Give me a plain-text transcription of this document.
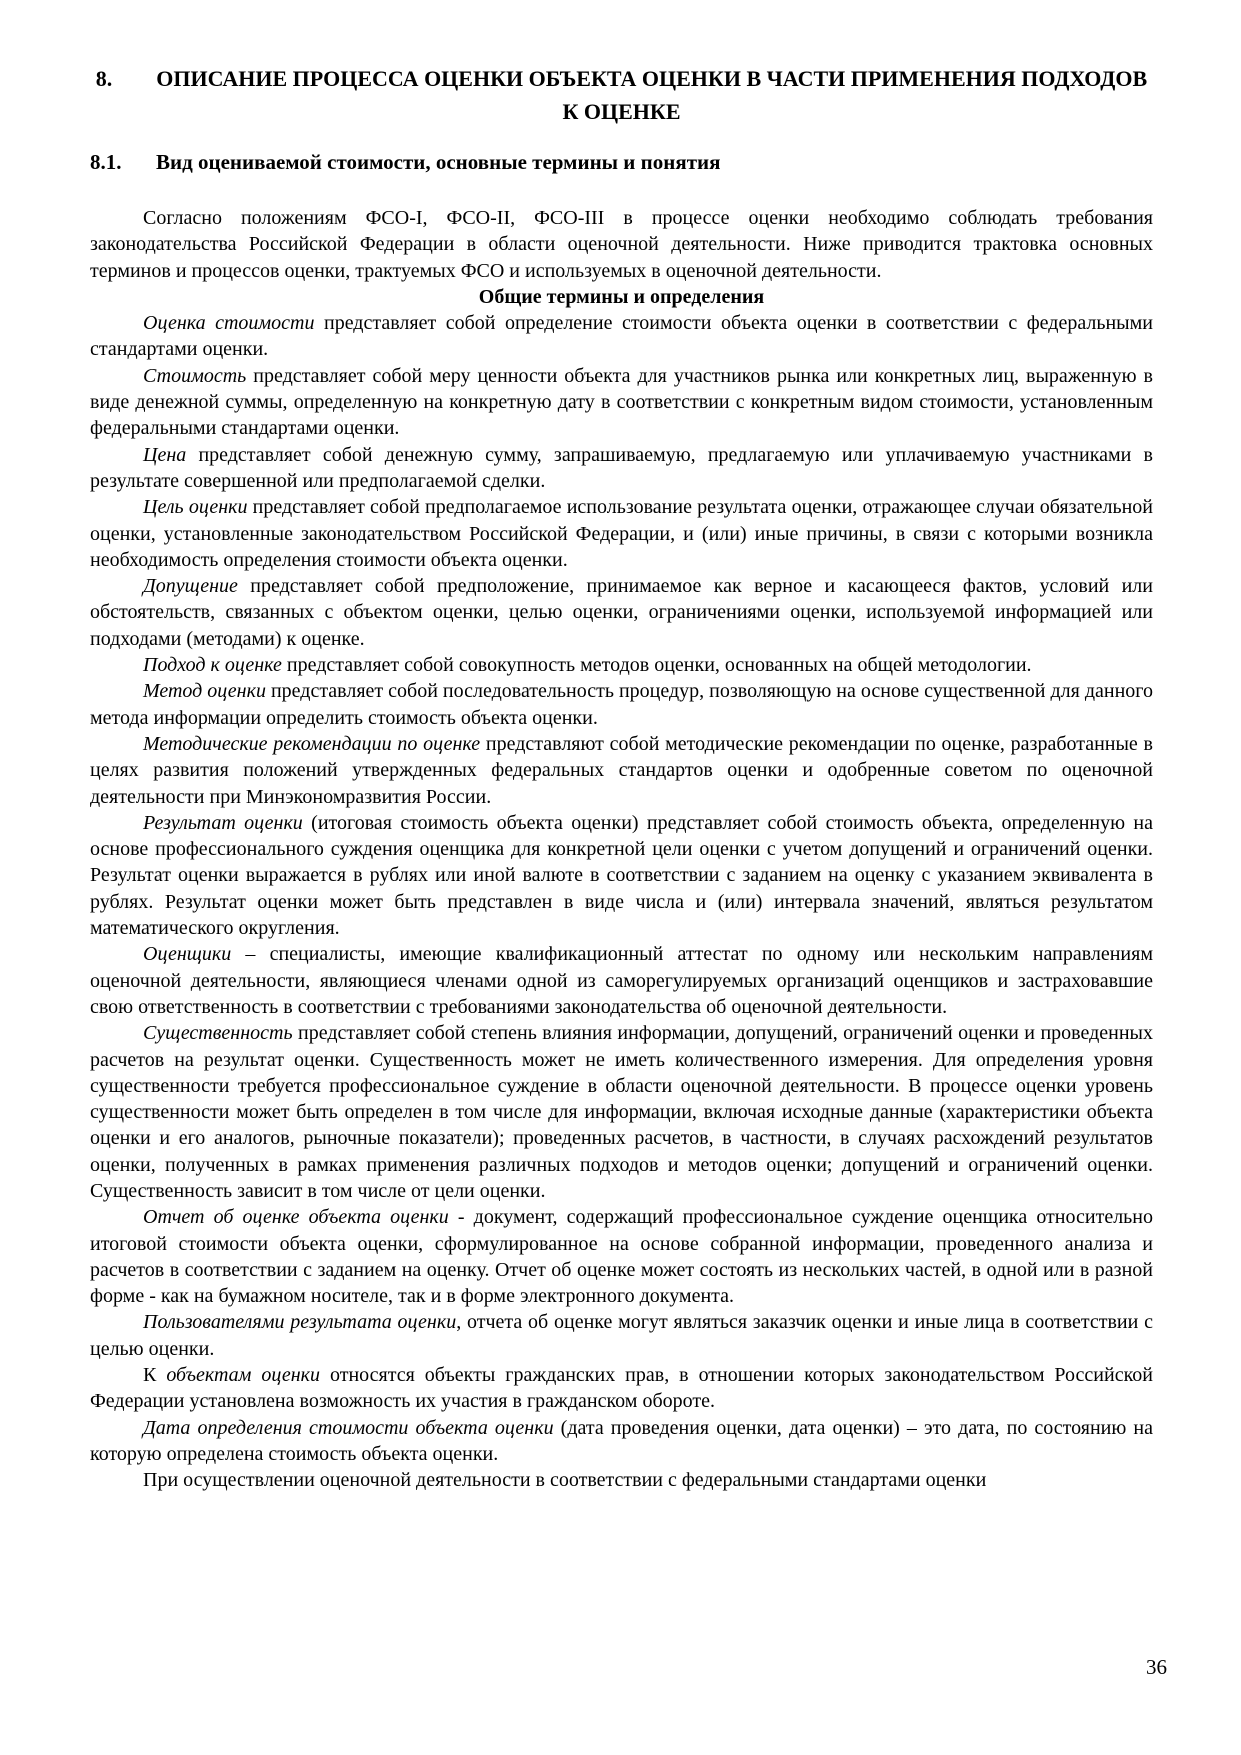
8. ОПИСАНИЕ ПРОЦЕССА ОЦЕНКИ ОБЪЕКТА ОЦЕНКИ В ЧАСТИ ПРИМЕНЕНИЯ ПОДХОДОВ К ОЦЕНКЕ
8.1.	Вид оцениваемой стоимости, основные термины и понятия

Согласно положениям ФСО-I, ФСО-II, ФСО-III в процессе оценки необходимо соблюдать требования законодательства Российской Федерации в области оценочной деятельности. Ниже приводится трактовка основных терминов и процессов оценки, трактуемых ФСО и используемых в оценочной деятельности.

Общие термины и определения

Оценка стоимости представляет собой определение стоимости объекта оценки в соответствии с федеральными стандартами оценки.

Стоимость представляет собой меру ценности объекта для участников рынка или конкретных лиц, выраженную в виде денежной суммы, определенную на конкретную дату в соответствии с конкретным видом стоимости, установленным федеральными стандартами оценки.

Цена представляет собой денежную сумму, запрашиваемую, предлагаемую или уплачиваемую участниками в результате совершенной или предполагаемой сделки.

Цель оценки представляет собой предполагаемое использование результата оценки, отражающее случаи обязательной оценки, установленные законодательством Российской Федерации, и (или) иные причины, в связи с которыми возникла необходимость определения стоимости объекта оценки.

Допущение представляет собой предположение, принимаемое как верное и касающееся фактов, условий или обстоятельств, связанных с объектом оценки, целью оценки, ограничениями оценки, используемой информацией или подходами (методами) к оценке.

Подход к оценке представляет собой совокупность методов оценки, основанных на общей методологии.

Метод оценки представляет собой последовательность процедур, позволяющую на основе существенной для данного метода информации определить стоимость объекта оценки.

Методические рекомендации по оценке представляют собой методические рекомендации по оценке, разработанные в целях развития положений утвержденных федеральных стандартов оценки и одобренные советом по оценочной деятельности при Минэкономразвития России.

Результат оценки (итоговая стоимость объекта оценки) представляет собой стоимость объекта, определенную на основе профессионального суждения оценщика для конкретной цели оценки с учетом допущений и ограничений оценки. Результат оценки выражается в рублях или иной валюте в соответствии с заданием на оценку с указанием эквивалента в рублях. Результат оценки может быть представлен в виде числа и (или) интервала значений, являться результатом математического округления.

Оценщики – специалисты, имеющие квалификационный аттестат по одному или нескольким направлениям оценочной деятельности, являющиеся членами одной из саморегулируемых организаций оценщиков и застраховавшие свою ответственность в соответствии с требованиями законодательства об оценочной деятельности.

Существенность представляет собой степень влияния информации, допущений, ограничений оценки и проведенных расчетов на результат оценки. Существенность может не иметь количественного измерения. Для определения уровня существенности требуется профессиональное суждение в области оценочной деятельности. В процессе оценки уровень существенности может быть определен в том числе для информации, включая исходные данные (характеристики объекта оценки и его аналогов, рыночные показатели); проведенных расчетов, в частности, в случаях расхождений результатов оценки, полученных в рамках применения различных подходов и методов оценки; допущений и ограничений оценки. Существенность зависит в том числе от цели оценки.

Отчет об оценке объекта оценки - документ, содержащий профессиональное суждение оценщика относительно итоговой стоимости объекта оценки, сформулированное на основе собранной информации, проведенного анализа и расчетов в соответствии с заданием на оценку. Отчет об оценке может состоять из нескольких частей, в одной или в разной форме - как на бумажном носителе, так и в форме электронного документа.

Пользователями результата оценки, отчета об оценке могут являться заказчик оценки и иные лица в соответствии с целью оценки.

К объектам оценки относятся объекты гражданских прав, в отношении которых законодательством Российской Федерации установлена возможность их участия в гражданском обороте.

Дата определения стоимости объекта оценки (дата проведения оценки, дата оценки) – это дата, по состоянию на которую определена стоимость объекта оценки.

При осуществлении оценочной деятельности в соответствии с федеральными стандартами оценки

36
